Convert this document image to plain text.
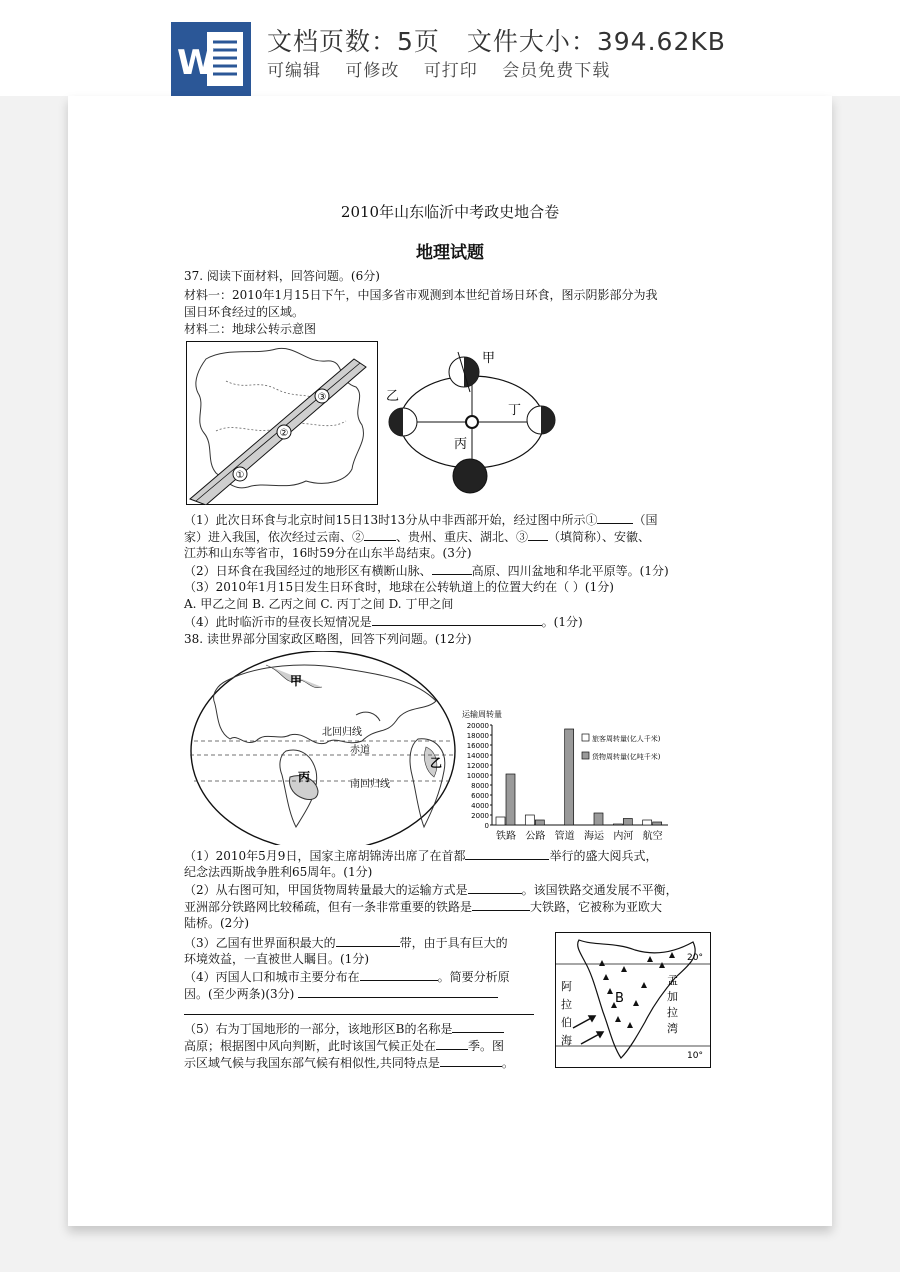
W
文档页数：5页 文件大小：394.62KB
可编辑 可修改 可打印 会员免费下载
2010年山东临沂中考政史地合卷
地理试题
37. 阅读下面材料，回答问题。(6分)
材料一：2010年1月15日下午，中国多省市观测到本世纪首场日环食，图示阴影部分为我
国日环食经过的区域。
材料二：地球公转示意图
①
②
③
甲
乙
丙
丁
（1）此次日环食与北京时间15日13时13分从中非西部开始，经过图中所示①	（国
家）进入我国，依次经过云南、②	、贵州、重庆、湖北、③ （填简称）、安徽、
江苏和山东等省市，16时59分在山东半岛结束。(3分)
（2）日环食在我国经过的地形区有横断山脉、	高原、四川盆地和华北平原等。(1分)
（3）2010年1月15日发生日环食时，地球在公转轨道上的位置大约在（ ）(1分)
A. 甲乙之间 B. 乙丙之间 C. 丙丁之间 D. 丁甲之间
（4）此时临沂市的昼夜长短情况是	。(1分)
38. 读世界部分国家政区略图，回答下列问题。(12分)
甲
丙
乙
北回归线
赤道
南回归线
运输周转量
20000
18000
16000
14000
12000
10000
8000
6000
4000
2000
0
铁路 公路 管道 海运 内河 航空
旅客周转量(亿人千米)
货物周转量(亿吨千米)
（1）2010年5月9日，国家主席胡锦涛出席了在首都	举行的盛大阅兵式，
纪念法西斯战争胜利65周年。(1分)
（2）从右图可知，甲国货物周转量最大的运输方式是	。该国铁路交通发展不平衡，
亚洲部分铁路网比较稀疏，但有一条非常重要的铁路是	大铁路，它被称为亚欧大
陆桥。(2分)
（3）乙国有世界面积最大的	带，由于具有巨大的
环境效益，一直被世人瞩目。(1分)
（4）丙国人口和城市主要分布在	。简要分析原
因。(至少两条)(3分)
（5）右为丁国地形的一部分，该地形区B的名称是
高原；根据图中风向判断，此时该国气候正处在	季。图
示区域气候与我国东部气候有相似性,共同特点是	。
B
20°
10°
阿
拉
伯
海
孟
加
拉
湾
